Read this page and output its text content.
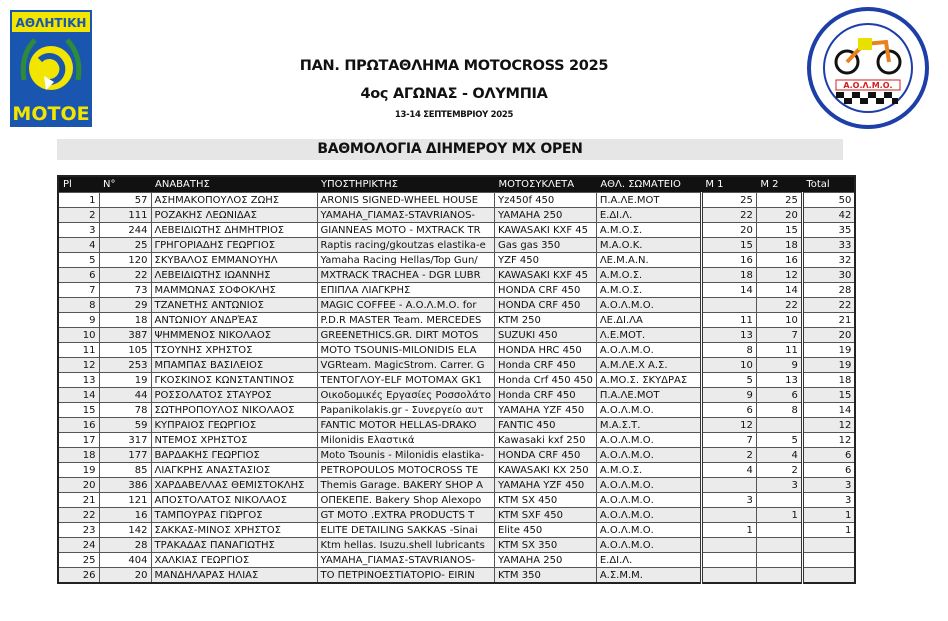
ΑΘΛΗΤΙΚΗ
MOTOE
Α.Ο.Λ.Μ.Ο.
ΠΑΝ. ΠΡΩΤΑΘΛΗΜΑ MOTOCROSS 2025
4ος ΑΓΩΝΑΣ - ΟΛΥΜΠΙΑ
13-14 ΣΕΠΤΕΜΒΡΙΟΥ 2025
ΒΑΘΜΟΛΟΓΙΑ ΔΙΗΜΕΡΟΥ MX OPEN
Pl	N°	ΑΝΑΒΑΤΗΣ	ΥΠΟΣΤΗΡΙΚΤΗΣ	ΜΟΤΟΣΥΚΛΕΤΑ	ΑΘΛ. ΣΩΜΑΤΕΙΟ	Μ 1	Μ 2	Total
1	57	ΑΣΗΜΑΚΟΠΟΥΛΟΣ ΖΩΗΣ	ARONIS SIGNED-WHEEL HOUSE	Yz450f 450	Π.Α.ΛΕ.ΜΟΤ	25	25	50
2	111	ΡΟΖΑΚΗΣ ΛΕΩΝΙΔΑΣ	YAMAHA_ΓΙΑΜΑΣ-STAVRIANOS-	YAMAHA 250	Ε.ΔΙ.Λ.	22	20	42
3	244	ΛΕΒΕΙΔΙΩΤΗΣ ΔΗΜΗΤΡΙΟΣ	GIANNEAS MOTO - MXTRACK TR	KAWASAKI KXF 45	Α.Μ.Ο.Σ.	20	15	35
4	25	ΓΡΗΓΟΡΙΑΔΗΣ ΓΕΩΡΓΙΟΣ	Raptis racing/gkoutzas elastika-e	Gas gas 350	Μ.Α.Ο.Κ.	15	18	33
5	120	ΣΚΥΒΑΛΟΣ ΕΜΜΑΝΟΥΗΛ	Yamaha Racing Hellas/Top Gun/	YZF 450	ΛΕ.Μ.Α.Ν.	16	16	32
6	22	ΛΕΒΕΙΔΙΩΤΗΣ ΙΩΑΝΝΗΣ	MXTRACK TRACHEA - DGR LUBR	KAWASAKI KXF 45	Α.Μ.Ο.Σ.	18	12	30
7	73	ΜΑΜΜΩΝΑΣ ΣΟΦΟΚΛΗΣ	ΕΠΙΠΛΑ ΛΙΑΓΚΡΗΣ	HONDA CRF 450	Α.Μ.Ο.Σ.	14	14	28
8	29	ΤΖΑΝΕΤΗΣ ΑΝΤΩΝΙΟΣ	MAGIC COFFEE - Α.Ο.Λ.Μ.Ο. for	HONDA CRF 450	Α.Ο.Λ.Μ.Ο.		22	22
9	18	ΑΝΤΩΝΙΟΥ ΑΝΔΡΈΑΣ	P.D.R MASTER Team. MERCEDES	KTM 250	ΛΕ.ΔΙ.ΛΑ	11	10	21
10	387	ΨΗΜΜΕΝΟΣ ΝΙΚΟΛΑΟΣ	GREENETHICS.GR. DIRT MOTOS	SUZUKI 450	Λ.Ε.ΜΟΤ.	13	7	20
11	105	ΤΣΟΥΝΗΣ ΧΡΗΣΤΟΣ	MOTO TSOUNIS-MILONIDIS ELA	HONDA HRC 450	Α.Ο.Λ.Μ.Ο.	8	11	19
12	253	ΜΠΑΜΠΑΣ ΒΑΣΙΛΕΙΟΣ	VGRteam. MagicStrom. Carrer. G	Honda CRF 450	Α.Μ.ΛΕ.Χ Α.Σ.	10	9	19
13	19	ΓΚΟΣΚΙΝΟΣ ΚΩΝΣΤΑΝΤΙΝΟΣ	ΤΕΝΤΟΓΛΟΥ-ELF MOTOMAX GK1	Honda Crf 450 450	Α.ΜΟ.Σ. ΣΚΥΔΡΑΣ	5	13	18
14	44	ΡΟΣΣΟΛΑΤΟΣ ΣΤΑΥΡΟΣ	Οικοδομικές Εργασίες Ροσσολάτο	Honda CRF 450	Π.Α.ΛΕ.ΜΟΤ	9	6	15
15	78	ΣΩΤΗΡΟΠΟΥΛΟΣ ΝΙΚΟΛΑΟΣ	Papanikolakis.gr - Συνεργείο αυτ	YAMAHA YZF 450	Α.Ο.Λ.Μ.Ο.	6	8	14
16	59	ΚΥΠΡΑΙΟΣ ΓΕΩΡΓΙΟΣ	FANTIC MOTOR HELLAS-DRAKO	FANTIC 450	Μ.Α.Σ.Τ.	12		12
17	317	ΝΤΕΜΟΣ ΧΡΗΣΤΟΣ	Milonidis Ελαστικά	Kawasaki kxf 250	Α.Ο.Λ.Μ.Ο.	7	5	12
18	177	ΒΑΡΔΑΚΗΣ ΓΕΩΡΓΙΟΣ	Moto Tsounis - Milonidis elastika-	HONDA CRF 450	Α.Ο.Λ.Μ.Ο.	2	4	6
19	85	ΛΙΑΓΚΡΗΣ ΑΝΑΣΤΑΣΙΟΣ	PETROPOULOS MOTOCROSS TE	KAWASAKI KX 250	Α.Μ.Ο.Σ.	4	2	6
20	386	ΧΑΡΔΑΒΕΛΛΑΣ ΘΕΜΙΣΤΟΚΛΗΣ	Themis Garage. BAKERY SHOP A	YAMAHA YZF 450	Α.Ο.Λ.Μ.Ο.		3	3
21	121	ΑΠΟΣΤΟΛΑΤΟΣ ΝΙΚΟΛΑΟΣ	ΟΠΕΚΕΠΕ. Bakery Shop Alexopo	KTM SX 450	Α.Ο.Λ.Μ.Ο.	3		3
22	16	ΤΑΜΠΟΥΡΑΣ ΓΙΏΡΓΟΣ	GT MOTO .EXTRA PRODUCTS T	KTM SXF 450	Α.Ο.Λ.Μ.Ο.		1	1
23	142	ΣΑΚΚΑΣ-ΜΙΝΟΣ ΧΡΗΣΤΟΣ	ELITE DETAILING SAKKAS -Sinai	Elite 450	Α.Ο.Λ.Μ.Ο.	1		1
24	28	ΤΡΑΚΑΔΑΣ ΠΑΝΑΓΙΩΤΗΣ	Ktm hellas. Isuzu.shell lubricants	KTM SX 350	Α.Ο.Λ.Μ.Ο.			
25	404	ΧΑΛΚΙΑΣ ΓΕΩΡΓΙΟΣ	YAMAHA_ΓΙΑΜΑΣ-STAVRIANOS-	YAMAHA 250	Ε.ΔΙ.Λ.			
26	20	ΜΑΝΔΗΛΑΡΑΣ ΗΛΙΑΣ	ΤΟ ΠΕΤΡΙΝΟΕΣΤΙΑΤΟΡΙΟ- EIRIN	KTM 350	Α.Σ.Μ.Μ.			
